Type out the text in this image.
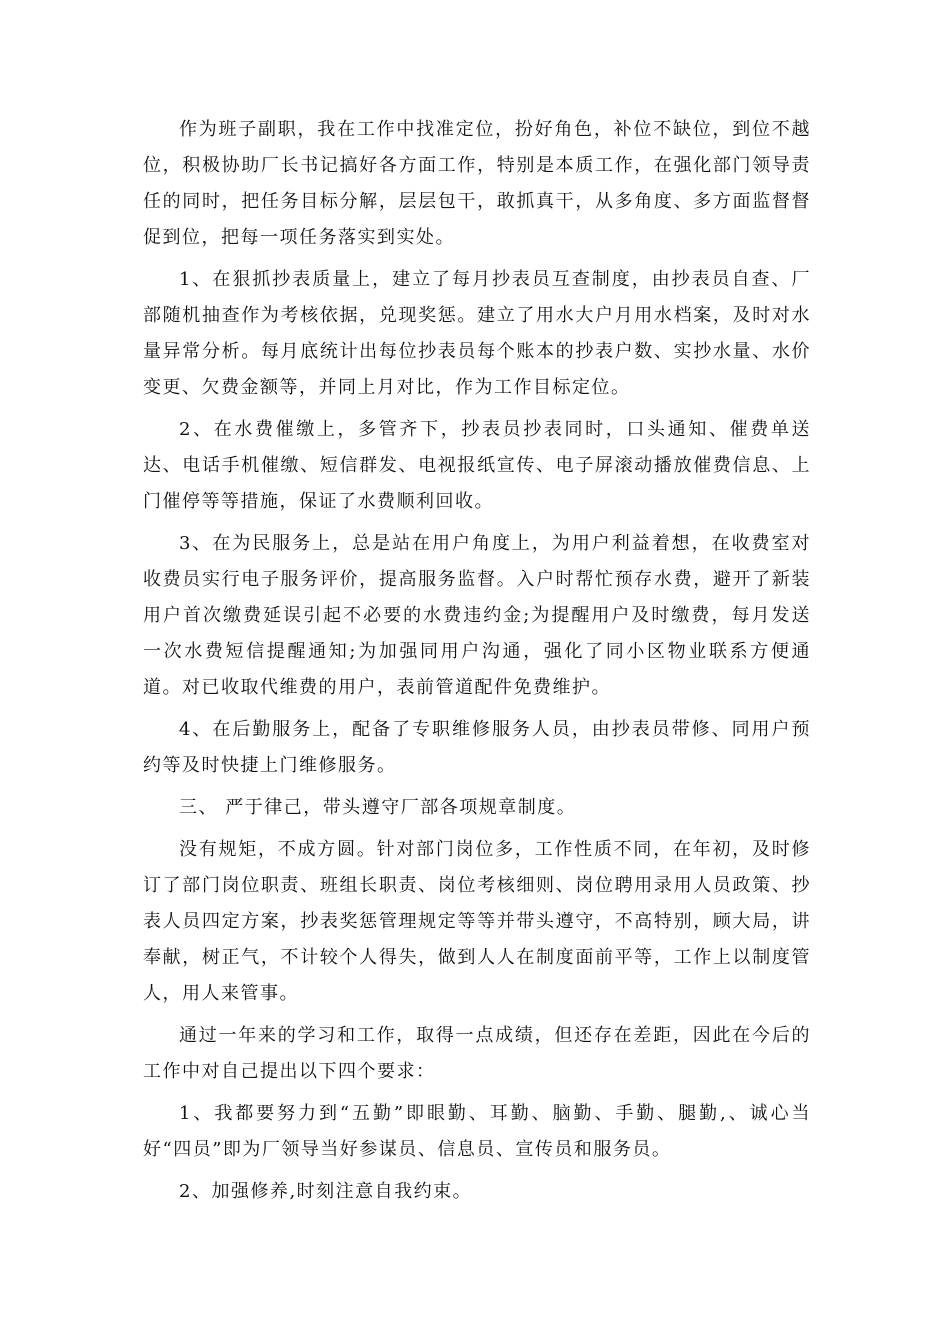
作为班子副职，我在工作中找准定位，扮好角色，补位不缺位，到位不越位，积极协助厂长书记搞好各方面工作，特别是本质工作，在强化部门领导责任的同时，把任务目标分解，层层包干，敢抓真干，从多角度、多方面监督督促到位，把每一项任务落实到实处。

1、在狠抓抄表质量上，建立了每月抄表员互查制度，由抄表员自查、厂部随机抽查作为考核依据，兑现奖惩。建立了用水大户月用水档案，及时对水量异常分析。每月底统计出每位抄表员每个账本的抄表户数、实抄水量、水价变更、欠费金额等，并同上月对比，作为工作目标定位。

2、在水费催缴上，多管齐下，抄表员抄表同时，口头通知、催费单送达、电话手机催缴、短信群发、电视报纸宣传、电子屏滚动播放催费信息、上门催停等等措施，保证了水费顺利回收。

3、在为民服务上，总是站在用户角度上，为用户利益着想，在收费室对收费员实行电子服务评价，提高服务监督。入户时帮忙预存水费，避开了新装用户首次缴费延误引起不必要的水费违约金;为提醒用户及时缴费，每月发送一次水费短信提醒通知;为加强同用户沟通，强化了同小区物业联系方便通道。对已收取代维费的用户，表前管道配件免费维护。

4、在后勤服务上，配备了专职维修服务人员，由抄表员带修、同用户预约等及时快捷上门维修服务。

三、 严于律己，带头遵守厂部各项规章制度。

没有规矩，不成方圆。针对部门岗位多，工作性质不同，在年初，及时修订了部门岗位职责、班组长职责、岗位考核细则、岗位聘用录用人员政策、抄表人员四定方案，抄表奖惩管理规定等等并带头遵守，不高特别，顾大局，讲奉献，树正气，不计较个人得失，做到人人在制度面前平等，工作上以制度管人，用人来管事。

通过一年来的学习和工作，取得一点成绩，但还存在差距，因此在今后的工作中对自己提出以下四个要求：

1、我都要努力到“五勤”即眼勤、耳勤、脑勤、手勤、腿勤,、诚心当好“四员”即为厂领导当好参谋员、信息员、宣传员和服务员。

2、加强修养,时刻注意自我约束。
